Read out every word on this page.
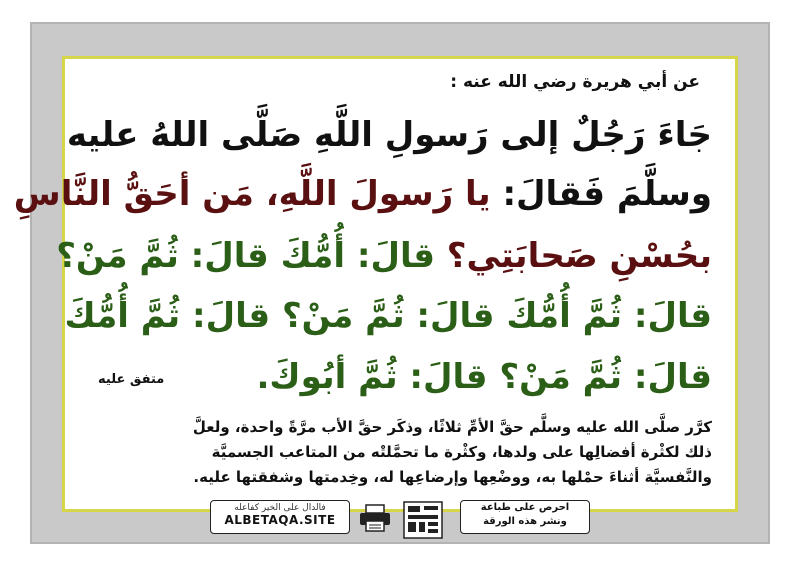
عن أبي هريرة رضي الله عنه :
جَاءَ رَجُلٌ إلى رَسولِ اللَّهِ صَلَّى اللهُ عليه
وسلَّمَ فَقالَ: يا رَسولَ اللَّهِ، مَن أحَقُّ النَّاسِ
بحُسْنِ صَحابَتِي؟ قالَ: أُمُّكَ قالَ: ثُمَّ مَنْ؟
قالَ: ثُمَّ أُمُّكَ قالَ: ثُمَّ مَنْ؟ قالَ: ثُمَّ أُمُّكَ
قالَ: ثُمَّ مَنْ؟ قالَ: ثُمَّ أبُوكَ.
متفق عليه
كرَّر صلَّى الله عليه وسلَّم حقَّ الأمِّ ثلاثًا، وذكَر حقَّ الأب مرَّةً واحدة، ولعلَّ
ذلك لكثْرة أفضالِها على ولدها، وكثْرة ما تحمَّلتْه من المتاعب الجسميَّة
والنَّفسيَّة أثناءَ حمْلها به، ووضْعِها وإرضاعِها له، وخِدمتها وشفقتها عليه.
فالدال على الخير كفاعله
ALBETAQA.SITE
احرص على طباعة
ونشر هذه الورقة
